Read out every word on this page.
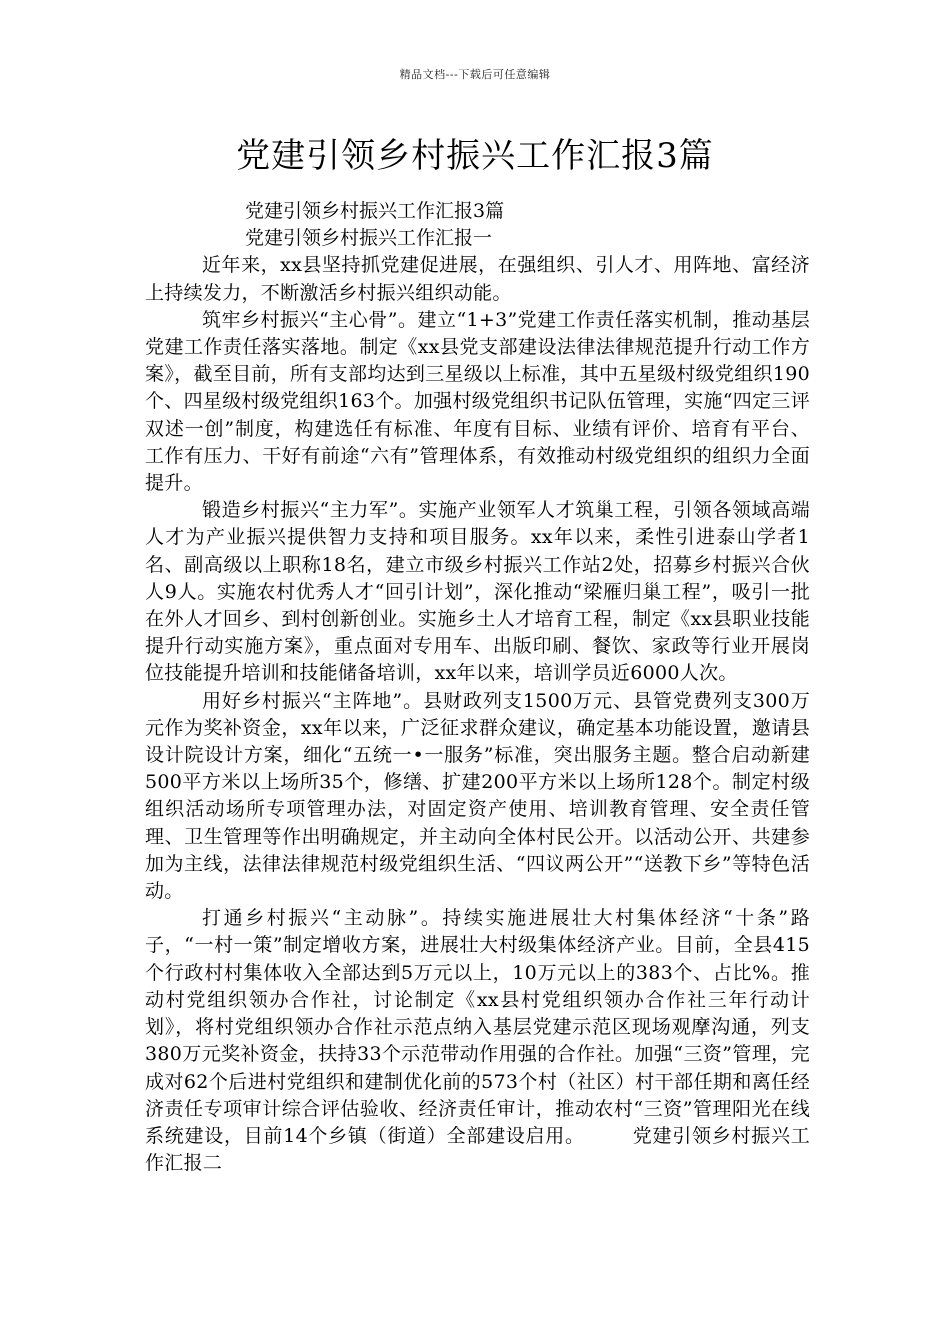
精品文档---下载后可任意编辑
党建引领乡村振兴工作汇报3篇

党建引领乡村振兴工作汇报3篇

党建引领乡村振兴工作汇报一

近年来，xx县坚持抓党建促进展，在强组织、引人才、用阵地、富经济上持续发力，不断激活乡村振兴组织动能。

筑牢乡村振兴“主心骨”。建立“1+3”党建工作责任落实机制，推动基层党建工作责任落实落地。制定《xx县党支部建设法律法律规范提升行动工作方案》，截至目前，所有支部均达到三星级以上标准，其中五星级村级党组织190个、四星级村级党组织163个。加强村级党组织书记队伍管理，实施“四定三评双述一创”制度，构建选任有标准、年度有目标、业绩有评价、培育有平台、工作有压力、干好有前途“六有”管理体系，有效推动村级党组织的组织力全面提升。

锻造乡村振兴“主力军”。实施产业领军人才筑巢工程，引领各领域高端人才为产业振兴提供智力支持和项目服务。xx年以来，柔性引进泰山学者1名、副高级以上职称18名，建立市级乡村振兴工作站2处，招募乡村振兴合伙人9人。实施农村优秀人才“回引计划”，深化推动“梁雁归巢工程”，吸引一批在外人才回乡、到村创新创业。实施乡土人才培育工程，制定《xx县职业技能提升行动实施方案》，重点面对专用车、出版印刷、餐饮、家政等行业开展岗位技能提升培训和技能储备培训，xx年以来，培训学员近6000人次。

用好乡村振兴“主阵地”。县财政列支1500万元、县管党费列支300万元作为奖补资金，xx年以来，广泛征求群众建议，确定基本功能设置，邀请县设计院设计方案，细化“五统一•一服务”标准，突出服务主题。整合启动新建500平方米以上场所35个，修缮、扩建200平方米以上场所128个。制定村级组织活动场所专项管理办法，对固定资产使用、培训教育管理、安全责任管理、卫生管理等作出明确规定，并主动向全体村民公开。以活动公开、共建参加为主线，法律法律规范村级党组织生活、“四议两公开”“送教下乡”等特色活动。

打通乡村振兴“主动脉”。持续实施进展壮大村集体经济“十条”路子，“一村一策”制定增收方案，进展壮大村级集体经济产业。目前，全县415个行政村村集体收入全部达到5万元以上，10万元以上的383个、占比%。推动村党组织领办合作社，讨论制定《xx县村党组织领办合作社三年行动计划》，将村党组织领办合作社示范点纳入基层党建示范区现场观摩沟通，列支380万元奖补资金，扶持33个示范带动作用强的合作社。加强“三资”管理，完成对62个后进村党组织和建制优化前的573个村（社区）村干部任期和离任经济责任专项审计综合评估验收、经济责任审计，推动农村“三资”管理阳光在线系统建设，目前14个乡镇（街道）全部建设启用。	党建引领乡村振兴工作汇报二
